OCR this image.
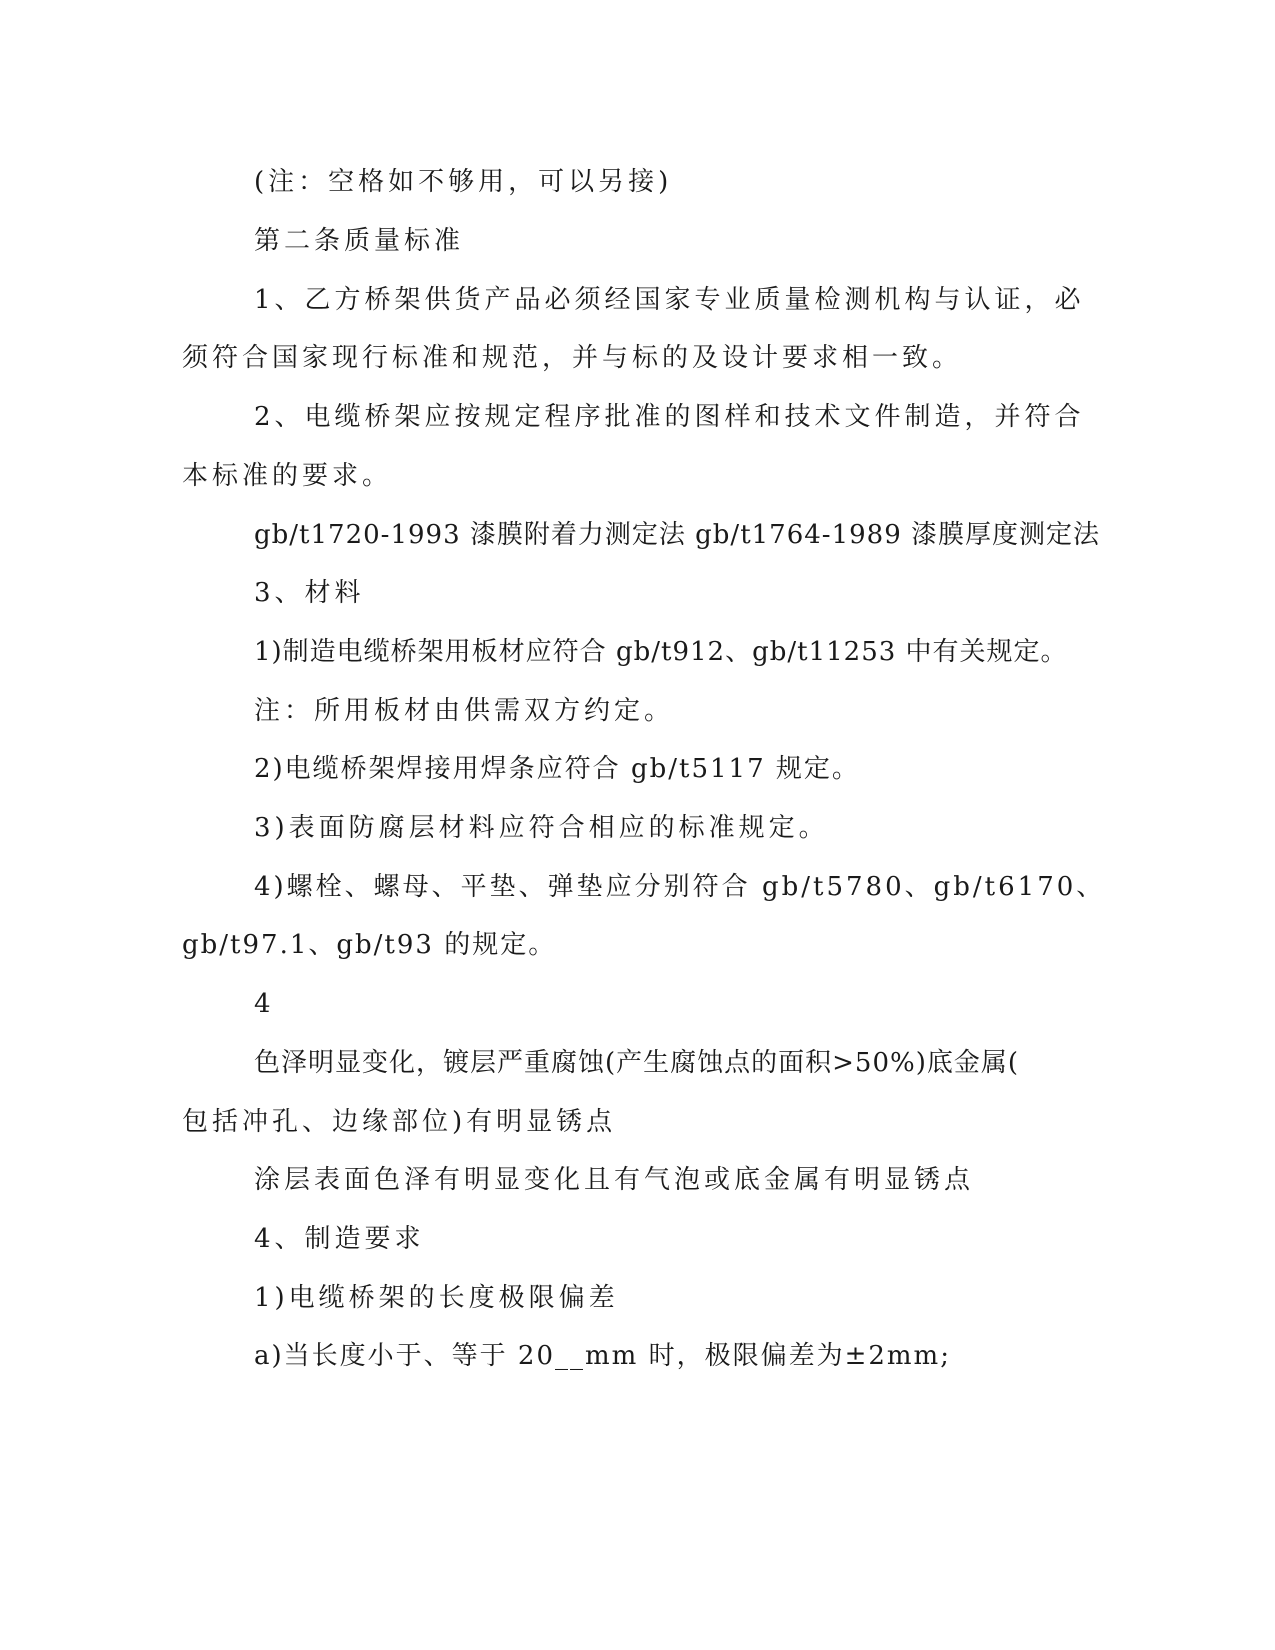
(注：空格如不够用，可以另接)
第二条质量标准
1、乙方桥架供货产品必须经国家专业质量检测机构与认证，必
须符合国家现行标准和规范，并与标的及设计要求相一致。
2、电缆桥架应按规定程序批准的图样和技术文件制造，并符合
本标准的要求。
gb/t1720-1993 漆膜附着力测定法 gb/t1764-1989 漆膜厚度测定法
3、材料
1)制造电缆桥架用板材应符合 gb/t912、gb/t11253 中有关规定。
注：所用板材由供需双方约定。
2)电缆桥架焊接用焊条应符合 gb/t5117 规定。
3)表面防腐层材料应符合相应的标准规定。
4)螺栓、螺母、平垫、弹垫应分别符合 gb/t5780、gb/t6170、
gb/t97.1、gb/t93 的规定。
4
色泽明显变化，镀层严重腐蚀(产生腐蚀点的面积>50%)底金属(
包括冲孔、边缘部位)有明显锈点
涂层表面色泽有明显变化且有气泡或底金属有明显锈点
4、制造要求
1)电缆桥架的长度极限偏差
a)当长度小于、等于 20__mm 时，极限偏差为±2mm;
